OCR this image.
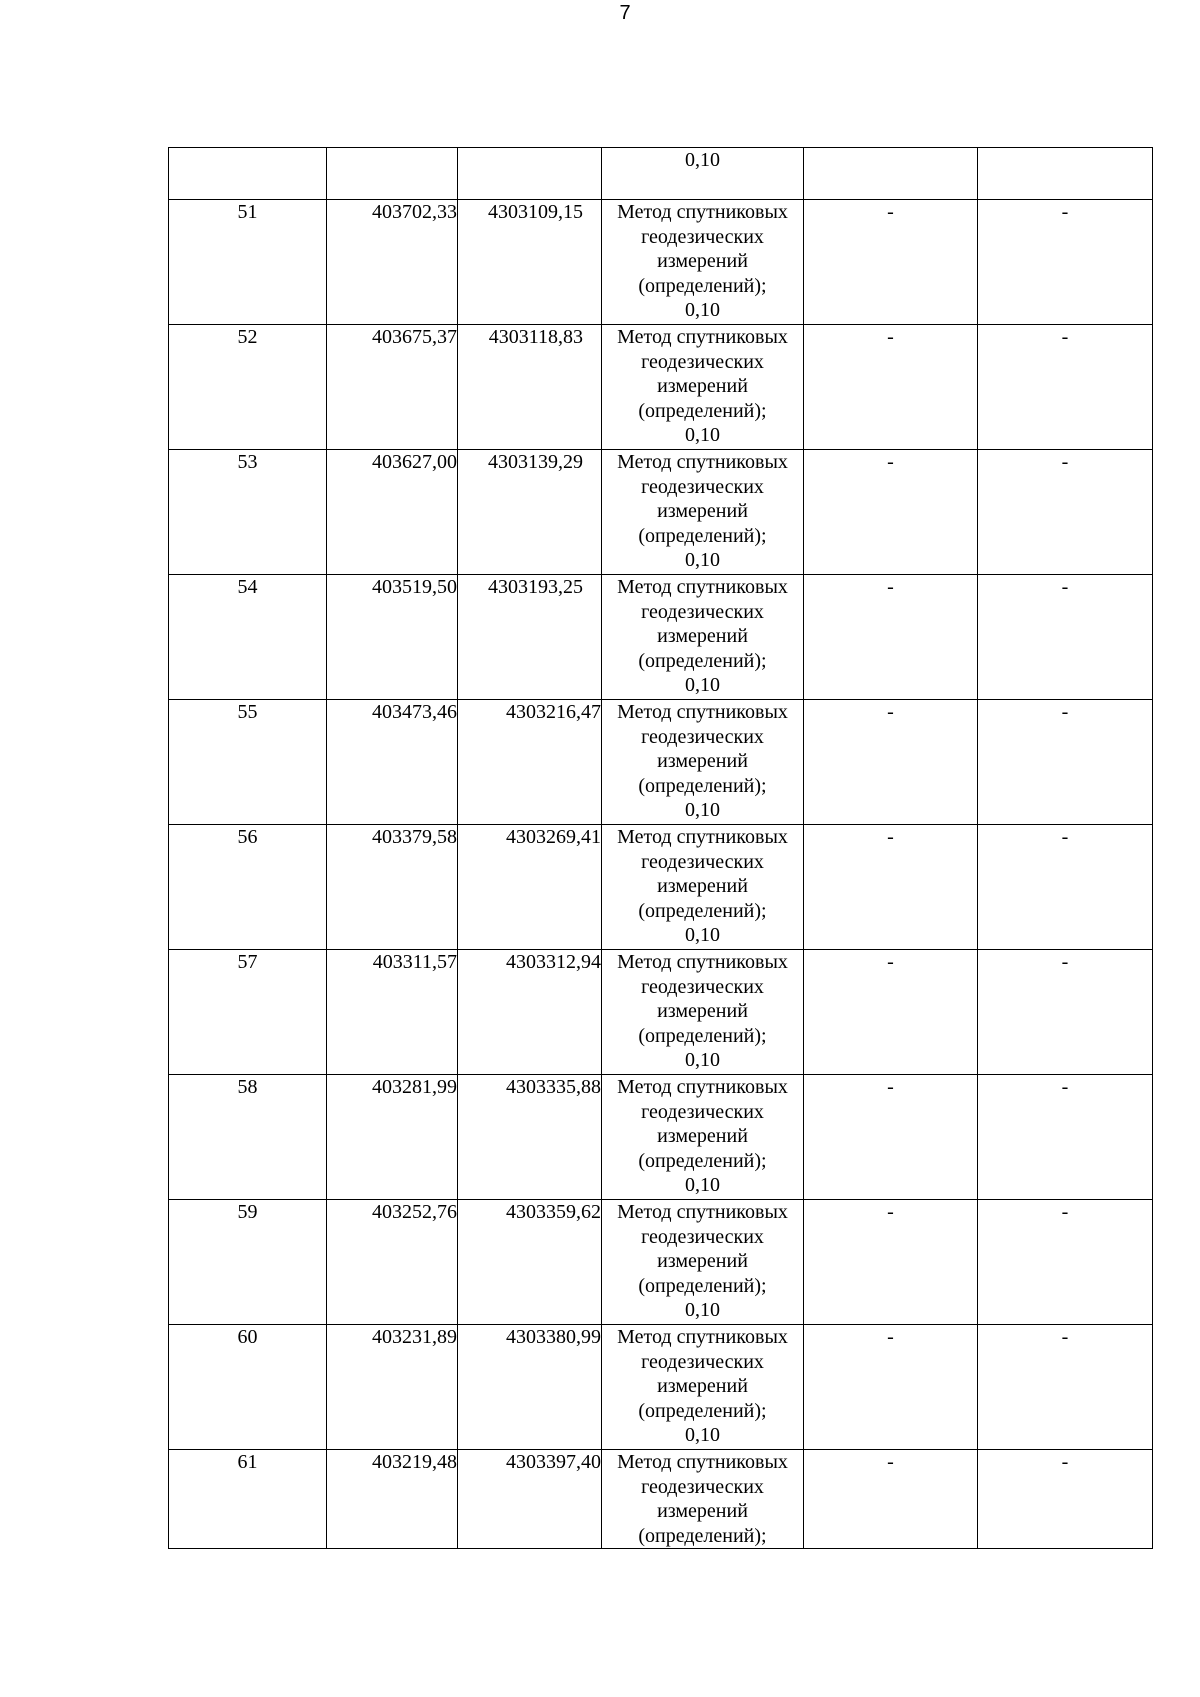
7

			0,10		

51	403702,33	4303109,15	Метод спутниковых
геодезических
измерений
(определений);
0,10	-	-
52	403675,37	4303118,83	Метод спутниковых
геодезических
измерений
(определений);
0,10	-	-
53	403627,00	4303139,29	Метод спутниковых
геодезических
измерений
(определений);
0,10	-	-
54	403519,50	4303193,25	Метод спутниковых
геодезических
измерений
(определений);
0,10	-	-
55	403473,46	4303216,47	Метод спутниковых
геодезических
измерений
(определений);
0,10	-	-
56	403379,58	4303269,41	Метод спутниковых
геодезических
измерений
(определений);
0,10	-	-
57	403311,57	4303312,94	Метод спутниковых
геодезических
измерений
(определений);
0,10	-	-
58	403281,99	4303335,88	Метод спутниковых
геодезических
измерений
(определений);
0,10	-	-
59	403252,76	4303359,62	Метод спутниковых
геодезических
измерений
(определений);
0,10	-	-
60	403231,89	4303380,99	Метод спутниковых
геодезических
измерений
(определений);
0,10	-	-
61	403219,48	4303397,40	Метод спутниковых
геодезических
измерений
(определений);	-	-
